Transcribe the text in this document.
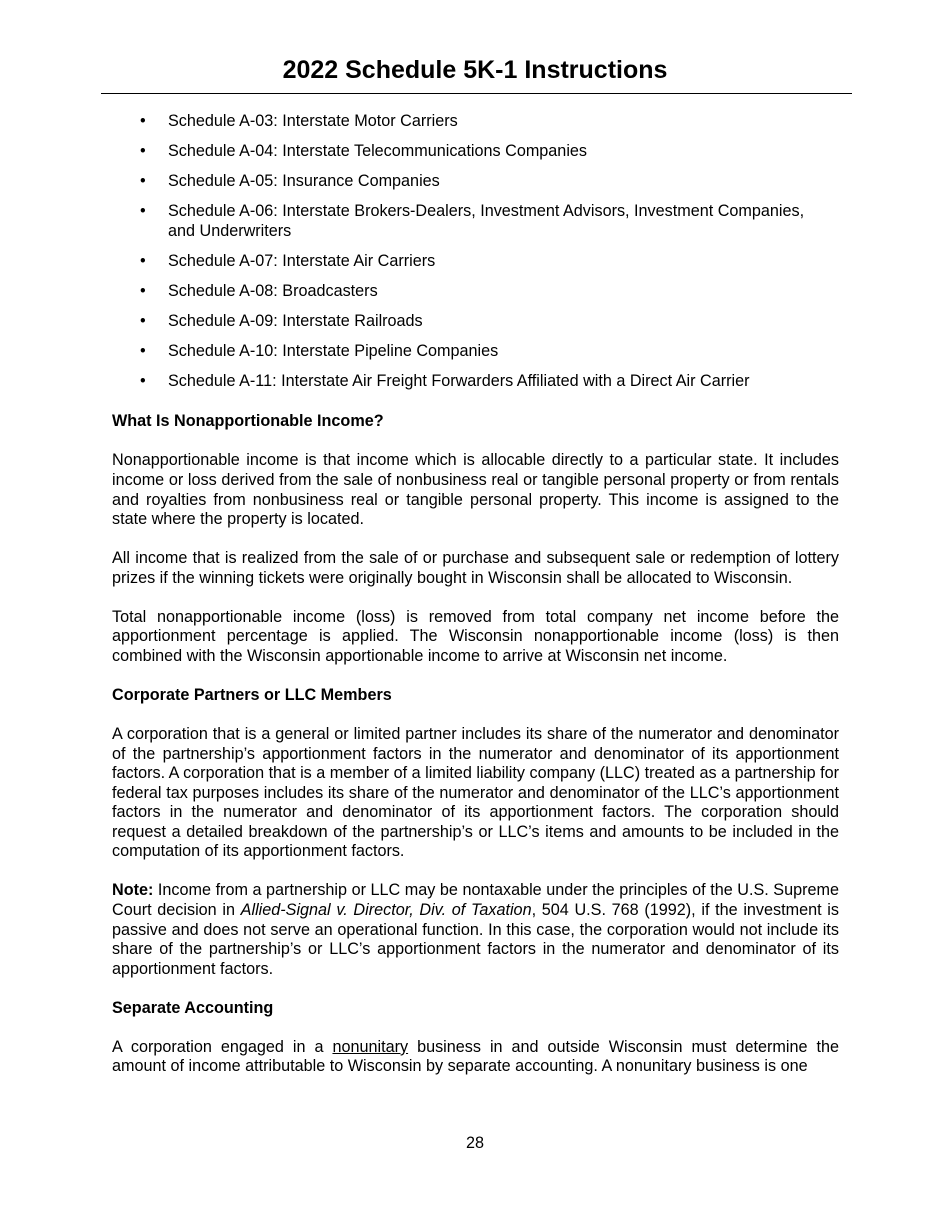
2022 Schedule 5K-1 Instructions
• Schedule A-03: Interstate Motor Carriers
• Schedule A-04: Interstate Telecommunications Companies
• Schedule A-05: Insurance Companies
• Schedule A-06: Interstate Brokers-Dealers, Investment Advisors, Investment Companies,
and Underwriters
• Schedule A-07: Interstate Air Carriers
• Schedule A-08: Broadcasters
• Schedule A-09: Interstate Railroads
• Schedule A-10: Interstate Pipeline Companies
• Schedule A-11: Interstate Air Freight Forwarders Affiliated with a Direct Air Carrier
What Is Nonapportionable Income?

Nonapportionable income is that income which is allocable directly to a particular state. It includes income or loss derived from the sale of nonbusiness real or tangible personal property or from rentals and royalties from nonbusiness real or tangible personal property. This income is assigned to the state where the property is located.

All income that is realized from the sale of or purchase and subsequent sale or redemption of lottery prizes if the winning tickets were originally bought in Wisconsin shall be allocated to Wisconsin.

Total nonapportionable income (loss) is removed from total company net income before the apportionment percentage is applied. The Wisconsin nonapportionable income (loss) is then combined with the Wisconsin apportionable income to arrive at Wisconsin net income.

Corporate Partners or LLC Members

A corporation that is a general or limited partner includes its share of the numerator and denominator of the partnership’s apportionment factors in the numerator and denominator of its apportionment factors. A corporation that is a member of a limited liability company (LLC) treated as a partnership for federal tax purposes includes its share of the numerator and denominator of the LLC’s apportionment factors in the numerator and denominator of its apportionment factors. The corporation should request a detailed breakdown of the partnership’s or LLC’s items and amounts to be included in the computation of its apportionment factors.

Note: Income from a partnership or LLC may be nontaxable under the principles of the U.S. Supreme Court decision in Allied-Signal v. Director, Div. of Taxation, 504 U.S. 768 (1992), if the investment is passive and does not serve an operational function. In this case, the corporation would not include its share of the partnership’s or LLC’s apportionment factors in the numerator and denominator of its apportionment factors.

Separate Accounting

A corporation engaged in a nonunitary business in and outside Wisconsin must determine the amount of income attributable to Wisconsin by separate accounting. A nonunitary business is one

28
